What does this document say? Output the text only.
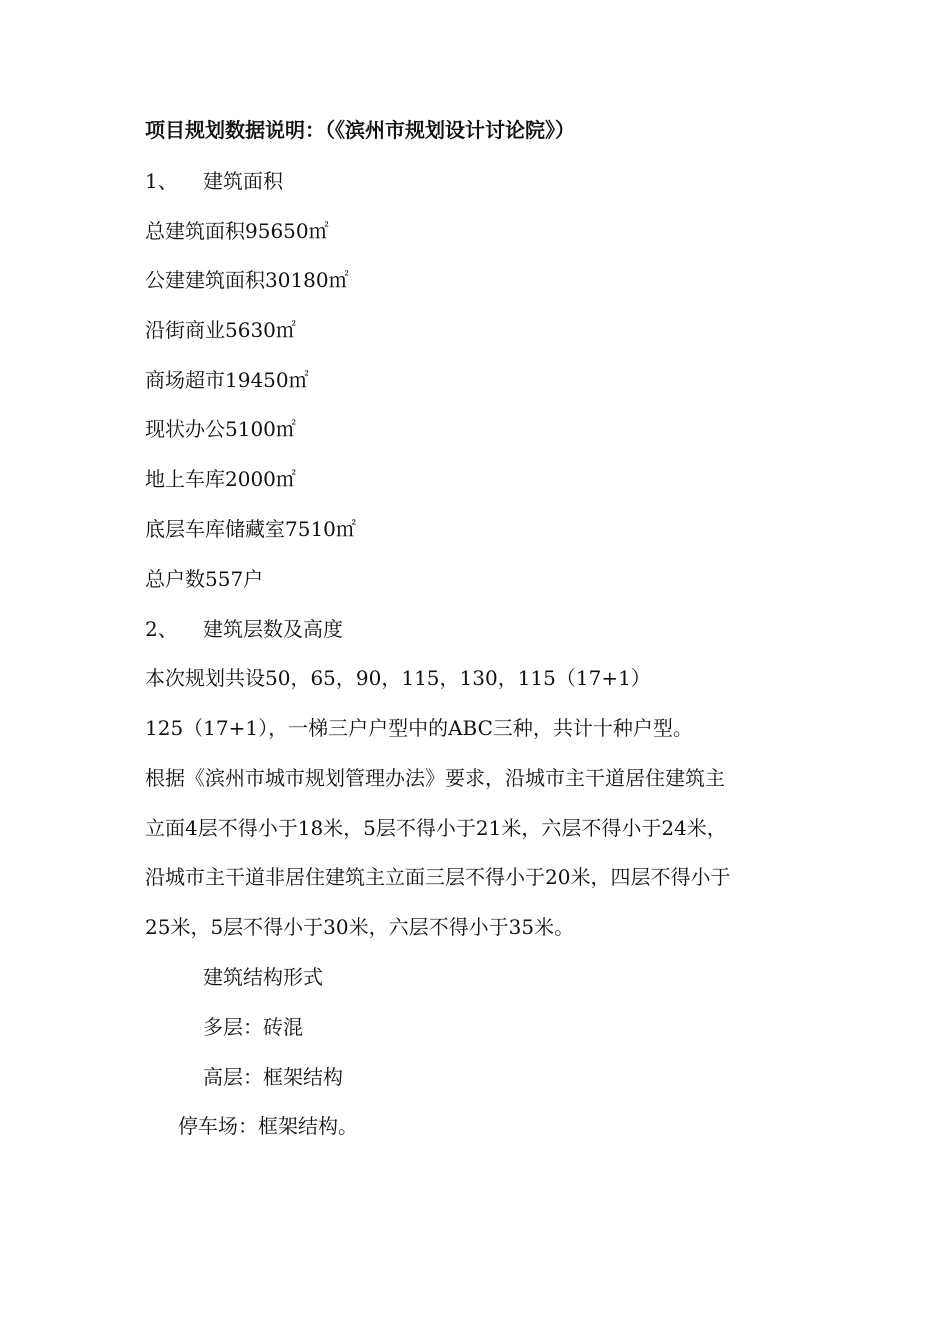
项目规划数据说明：（《滨州市规划设计讨论院》）
1、 建筑面积
总建筑面积95650㎡
公建建筑面积30180㎡
沿街商业5630㎡
商场超市19450㎡
现状办公5100㎡
地上车库2000㎡
底层车库储藏室7510㎡
总户数557户
2、 建筑层数及高度
本次规划共设50，65，90，115，130，115（17+1）
125（17+1），一梯三户户型中的ABC三种，共计十种户型。
根据《滨州市城市规划管理办法》要求，沿城市主干道居住建筑主
立面4层不得小于18米，5层不得小于21米，六层不得小于24米，
沿城市主干道非居住建筑主立面三层不得小于20米，四层不得小于
25米，5层不得小于30米，六层不得小于35米。
建筑结构形式
多层：砖混
高层：框架结构
停车场：框架结构。
